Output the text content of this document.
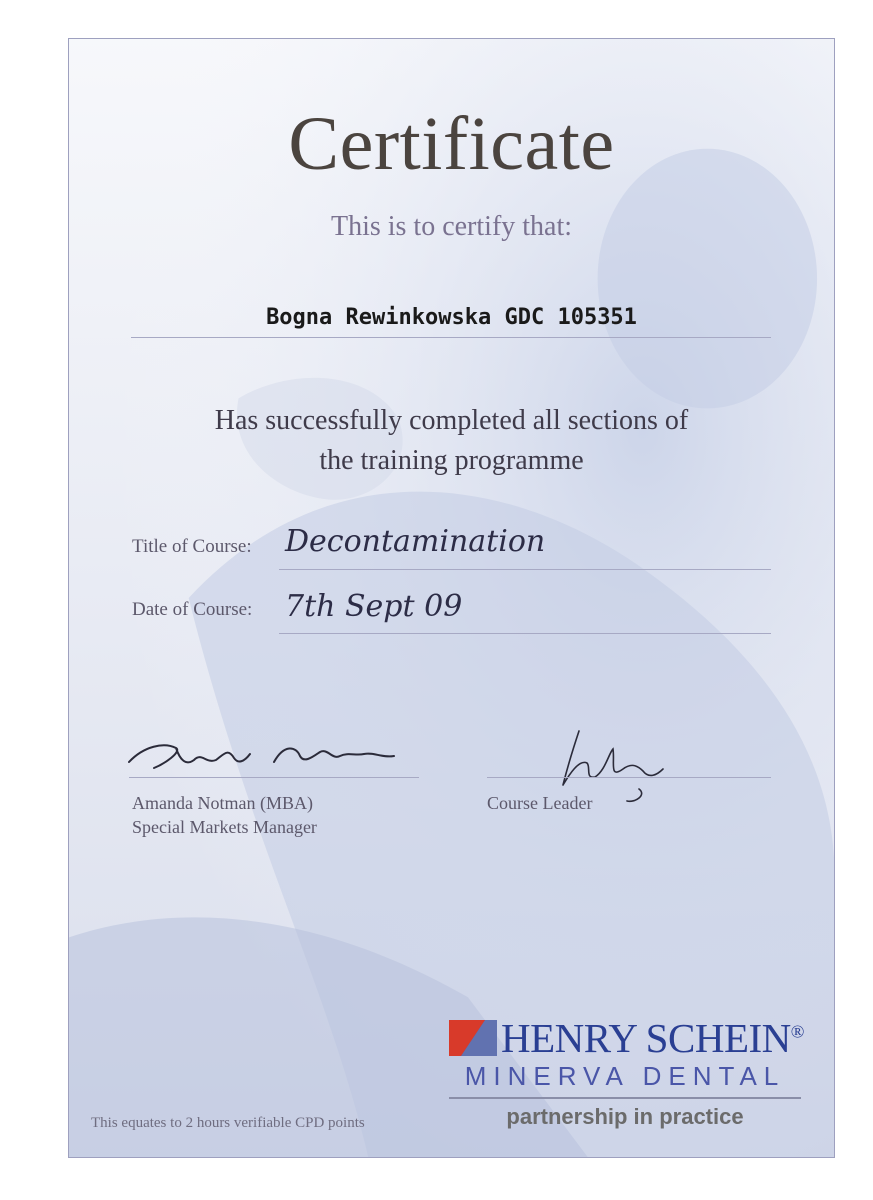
Certificate
This is to certify that:
Bogna Rewinkowska GDC 105351
Has successfully completed all sections of
the training programme
Title of Course: Decontamination
Date of Course: 7th Sept 09
Amanda Notman (MBA)
Special Markets Manager
Course Leader
This equates to 2 hours verifiable CPD points
HENRY SCHEIN®
MINERVA DENTAL
partnership in practice
